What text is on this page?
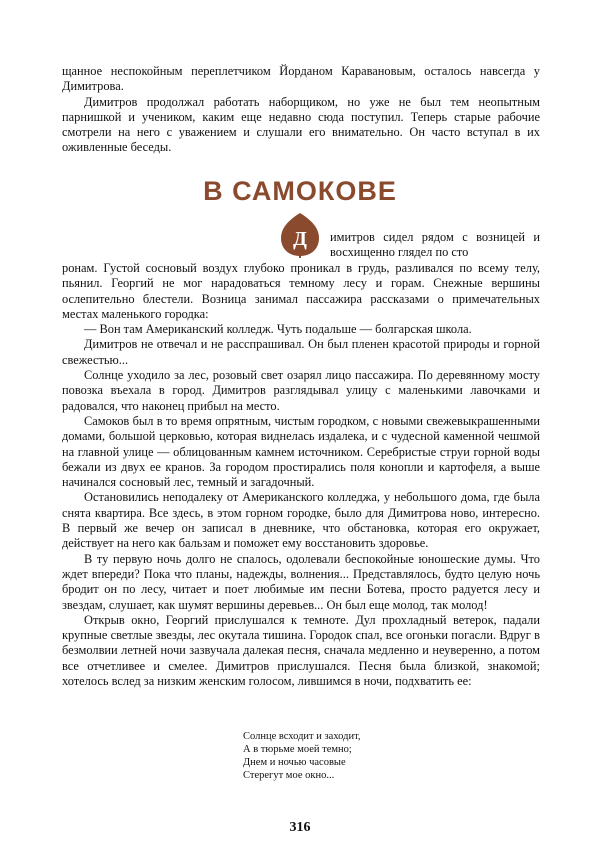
щанное неспокойным переплетчиком Йорданом Каравановым, осталось навсегда у Димитрова.

Димитров продолжал работать наборщиком, но уже не был тем неопытным парнишкой и учеником, каким еще недавно сюда поступил. Теперь старые рабочие смотрели на него с уважением и слушали его внимательно. Он часто вступал в их оживленные беседы.

В САМОКОВЕ
Д имитров сидел рядом с возницей и восхищенно глядел по сто

ронам. Густой сосновый воздух глубоко проникал в грудь, разливался по всему телу, пьянил. Георгий не мог нарадоваться темному лесу и горам. Снежные вершины ослепительно блестели. Возница занимал пассажира рассказами о примечательных местах маленького городка:

— Вон там Американский колледж. Чуть подальше — болгарская школа.

Димитров не отвечал и не расспрашивал. Он был пленен красотой природы и горной свежестью...

Солнце уходило за лес, розовый свет озарял лицо пассажира. По деревянному мосту повозка въехала в город. Димитров разглядывал улицу с маленькими лавочками и радовался, что наконец прибыл на место.

Самоков был в то время опрятным, чистым городком, с новыми свежевыкрашенными домами, большой церковью, которая виднелась издалека, и с чудесной каменной чешмой на главной улице — облицованным камнем источником. Серебристые струи горной воды бежали из двух ее кранов. За городом простирались поля конопли и картофеля, а выше начинался сосновый лес, темный и загадочный.

Остановились неподалеку от Американского колледжа, у небольшого дома, где была снята квартира. Все здесь, в этом горном городке, было для Димитрова ново, интересно. В первый же вечер он записал в дневнике, что обстановка, которая его окружает, действует на него как бальзам и поможет ему восстановить здоровье.

В ту первую ночь долго не спалось, одолевали беспокойные юношеские думы. Что ждет впереди? Пока что планы, надежды, волнения... Представлялось, будто целую ночь бродит он по лесу, читает и поет любимые им песни Ботева, просто радуется лесу и звездам, слушает, как шумят вершины деревьев... Он был еще молод, так молод!

Открыв окно, Георгий прислушался к темноте. Дул прохладный ветерок, падали крупные светлые звезды, лес окутала тишина. Городок спал, все огоньки погасли. Вдруг в безмолвии летней ночи зазвучала далекая песня, сначала медленно и неуверенно, а потом все отчетливее и смелее. Димитров прислушался. Песня была близкой, знакомой; хотелось вслед за низким женским голосом, лившимся в ночи, подхватить ее:

Солнце всходит и заходит,
А в тюрьме моей темно;
Днем и ночью часовые
Стерегут мое окно...
316
